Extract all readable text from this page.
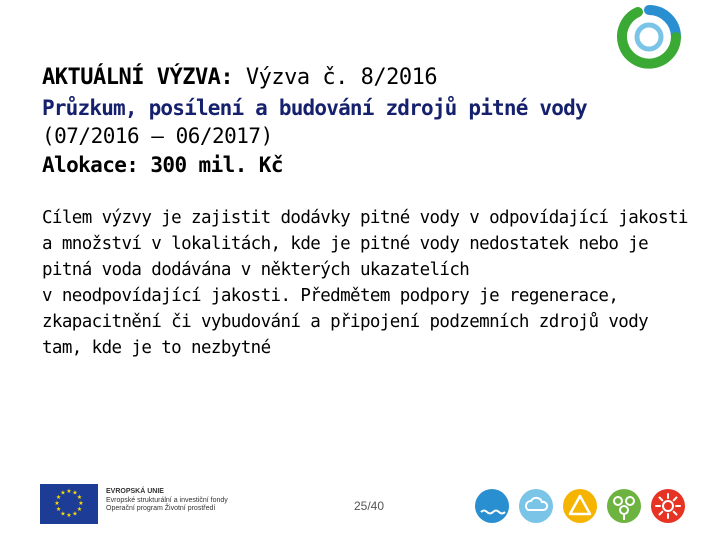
AKTUÁLNÍ VÝZVA: Výzva č. 8/2016
Průzkum, posílení a budování zdrojů pitné vody
(07/2016 – 06/2017)
Alokace: 300 mil. Kč

Cílem výzvy je zajistit dodávky pitné vody v odpovídající jakosti

a množství v lokalitách, kde je pitné vody nedostatek nebo je

pitná voda dodávána v některých ukazatelích

v neodpovídající jakosti. Předmětem podpory je regenerace,

zkapacitnění či vybudování a připojení podzemních zdrojů vody

tam, kde je to nezbytné

★ ★
★
★
★
★
★
★
★
★
★
★	EVROPSKÁ UNIE
Evropské strukturální a investiční fondy
Operační program Životní prostředí	25/40
